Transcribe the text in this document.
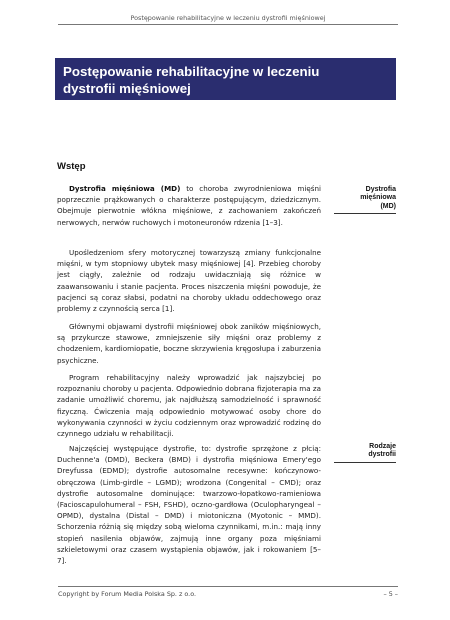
Postępowanie rehabilitacyjne w leczeniu dystrofii mięśniowej
Postępowanie rehabilitacyjne w leczeniu
dystrofii mięśniowej
Wstęp

Dystrofia mięśniowa (MD) to choroba zwyrodnieniowa mięśni poprzecznie prążkowanych o charakterze postępującym, dziedzicznym. Obejmuje pierwotnie włókna mięśniowe, z zachowaniem zakończeń nerwowych, nerwów ruchowych i motoneuronów rdzenia [1–3].

Upośledzeniom sfery motorycznej towarzyszą zmiany funkcjonalne mięśni, w tym stopniowy ubytek masy mięśniowej [4]. Przebieg choroby jest ciągły, zależnie od rodzaju uwidaczniają się różnice w zaawansowaniu i stanie pacjenta. Proces niszczenia mięśni powoduje, że pacjenci są coraz słabsi, podatni na choroby układu oddechowego oraz problemy z czynnością serca [1].

Głównymi objawami dystrofii mięśniowej obok zaników mięśniowych, są przykurcze stawowe, zmniejszenie siły mięśni oraz problemy z chodzeniem, kardiomiopatie, boczne skrzywienia kręgosłupa i zaburzenia psychiczne.

Program rehabilitacyjny należy wprowadzić jak najszybciej po rozpoznaniu choroby u pacjenta. Odpowiednio dobrana fizjoterapia ma za zadanie umożliwić choremu, jak najdłuższą samodzielność i sprawność fizyczną. Ćwiczenia mają odpowiednio motywować osoby chore do wykonywania czynności w życiu codziennym oraz wprowadzić rodzinę do czynnego udziału w rehabilitacji.

Najczęściej występujące dystrofie, to: dystrofie sprzężone z płcią: Duchenne'a (DMD), Beckera (BMD) i dystrofia mięśniowa Emery'ego Dreyfussa (EDMD); dystrofie autosomalne recesywne: kończynowo-obręczowa (Limb-girdle – LGMD); wrodzona (Congenital – CMD); oraz dystrofie autosomalne dominujące: twarzowo-łopatkowo-ramieniowa (Facioscapulohumeral – FSH, FSHD), oczno-gardłowa (Oculopharyngeal – OPMD), dystalna (Distal – DMD) i miotoniczna (Myotonic – MMD). Schorzenia różnią się między sobą wieloma czynnikami, m.in.: mają inny stopień nasilenia objawów, zajmują inne organy poza mięśniami szkieletowymi oraz czasem wystąpienia objawów, jak i rokowaniem [5–7].

Dystrofia
mięśniowa
(MD)
Rodzaje
dystrofii
Copyright by Forum Media Polska Sp. z o.o.	– 5 –
